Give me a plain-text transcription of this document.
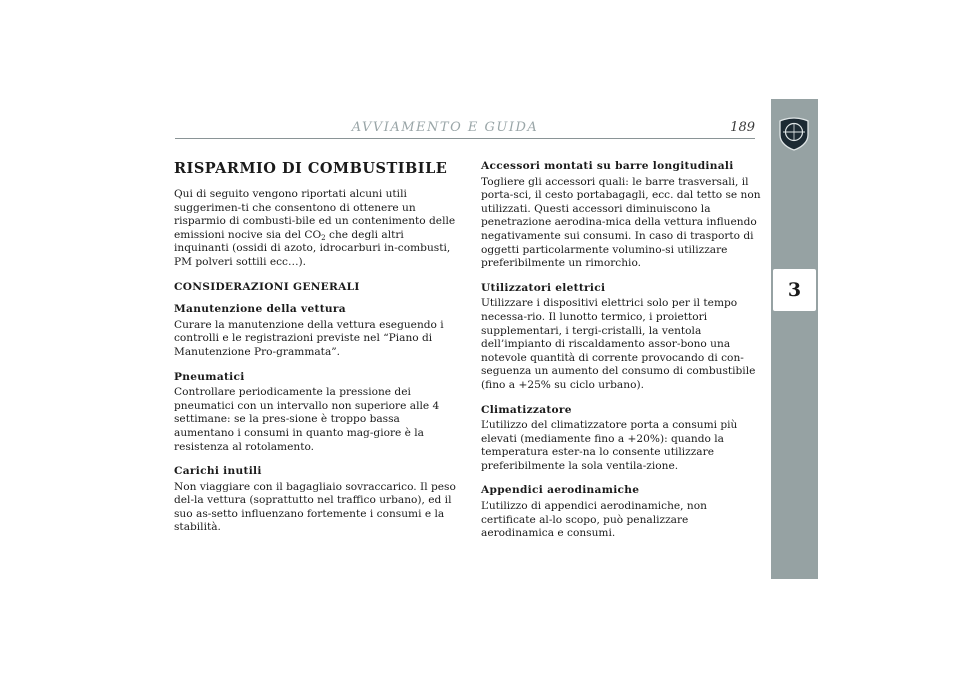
AVVIAMENTO E GUIDA	189
3
RISPARMIO DI COMBUSTIBILE

Qui di seguito vengono riportati alcuni utili suggerimen-ti che consentono di ottenere un risparmio di combusti-bile ed un contenimento delle emissioni nocive sia del $CO_2$ che degli altri inquinanti (ossidi di azoto, idrocarburi in-combusti, PM polveri sottili ecc…).

CONSIDERAZIONI GENERALI
Manutenzione della vettura

Curare la manutenzione della vettura eseguendo i controlli e le registrazioni previste nel “Piano di Manutenzione Pro-grammata”.

Pneumatici

Controllare periodicamente la pressione dei pneumatici con un intervallo non superiore alle 4 settimane: se la pres-sione è troppo bassa aumentano i consumi in quanto mag-giore è la resistenza al rotolamento.

Carichi inutili

Non viaggiare con il bagagliaio sovraccarico. Il peso del-la vettura (soprattutto nel traffico urbano), ed il suo as-setto influenzano fortemente i consumi e la stabilità.

Accessori montati su barre longitudinali

Togliere gli accessori quali: le barre trasversali, il porta-sci, il cesto portabagagli, ecc. dal tetto se non utilizzati. Questi accessori diminuiscono la penetrazione aerodina-mica della vettura influendo negativamente sui consumi. In caso di trasporto di oggetti particolarmente volumino-si utilizzare preferibilmente un rimorchio.

Utilizzatori elettrici

Utilizzare i dispositivi elettrici solo per il tempo necessa-rio. Il lunotto termico, i proiettori supplementari, i tergi-cristalli, la ventola dell’impianto di riscaldamento assor-bono una notevole quantità di corrente provocando di con-seguenza un aumento del consumo di combustibile (fino a +25% su ciclo urbano).

Climatizzatore

L’utilizzo del climatizzatore porta a consumi più elevati (mediamente fino a +20%): quando la temperatura ester-na lo consente utilizzare preferibilmente la sola ventila-zione.

Appendici aerodinamiche

L’utilizzo di appendici aerodinamiche, non certificate al-lo scopo, può penalizzare aerodinamica e consumi.
